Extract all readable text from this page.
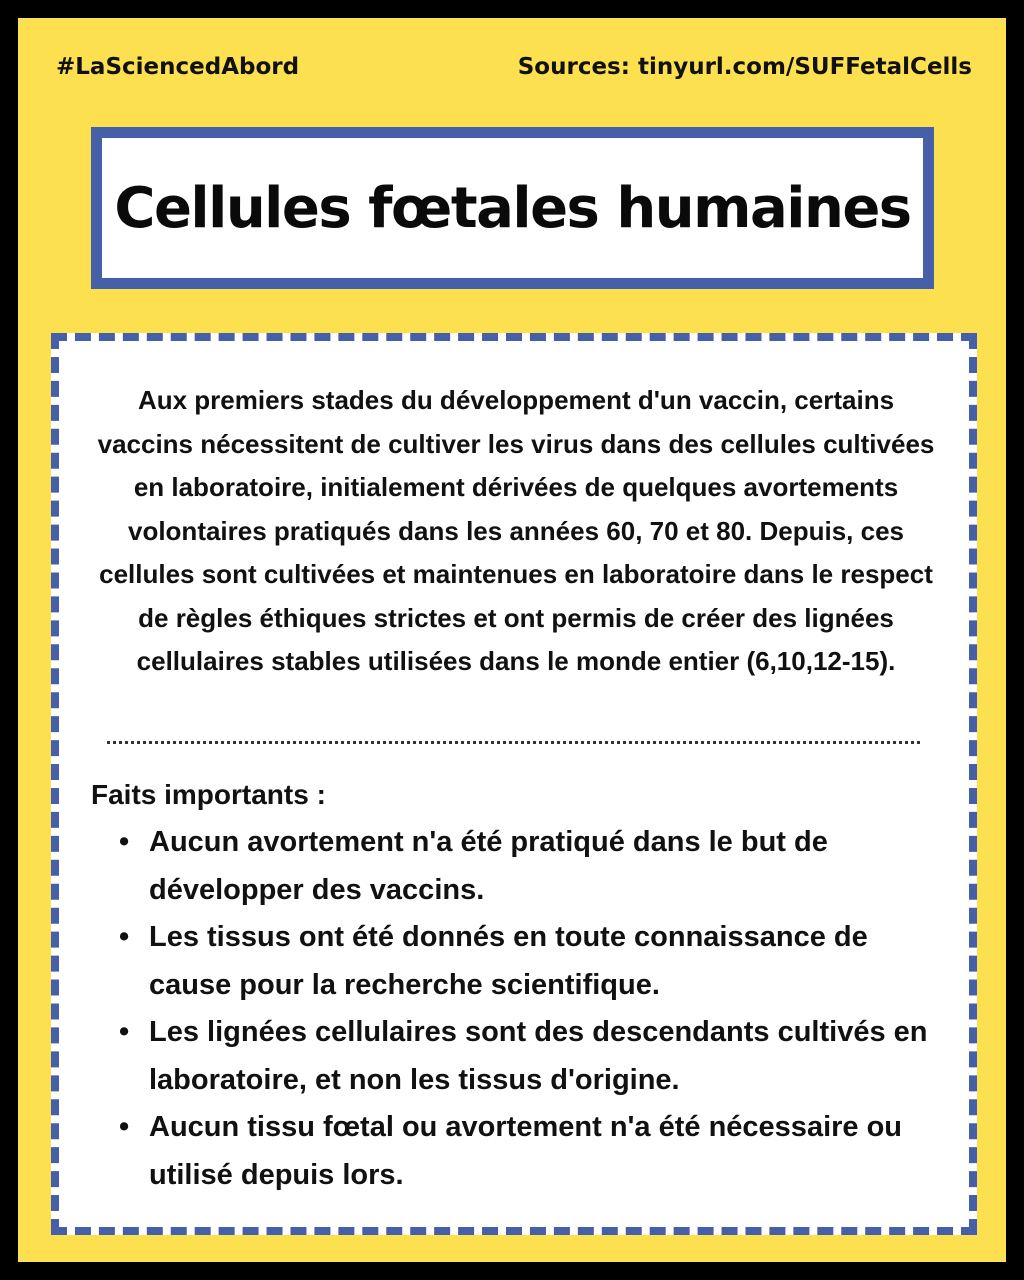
#LaSciencedAbord	Sources: tinyurl.com/SUFFetalCells
Cellules fœtales humaines

Aux premiers stades du développement d'un vaccin, certains vaccins nécessitent de cultiver les virus dans des cellules cultivées en laboratoire, initialement dérivées de quelques avortements volontaires pratiqués dans les années 60, 70 et 80. Depuis, ces cellules sont cultivées et maintenues en laboratoire dans le respect de règles éthiques strictes et ont permis de créer des lignées cellulaires stables utilisées dans le monde entier (6,10,12-15).

Faits importants :
• Aucun avortement n'a été pratiqué dans le but de développer des vaccins.
• Les tissus ont été donnés en toute connaissance de cause pour la recherche scientifique.
• Les lignées cellulaires sont des descendants cultivés en laboratoire, et non les tissus d'origine.
• Aucun tissu fœtal ou avortement n'a été nécessaire ou utilisé depuis lors.
